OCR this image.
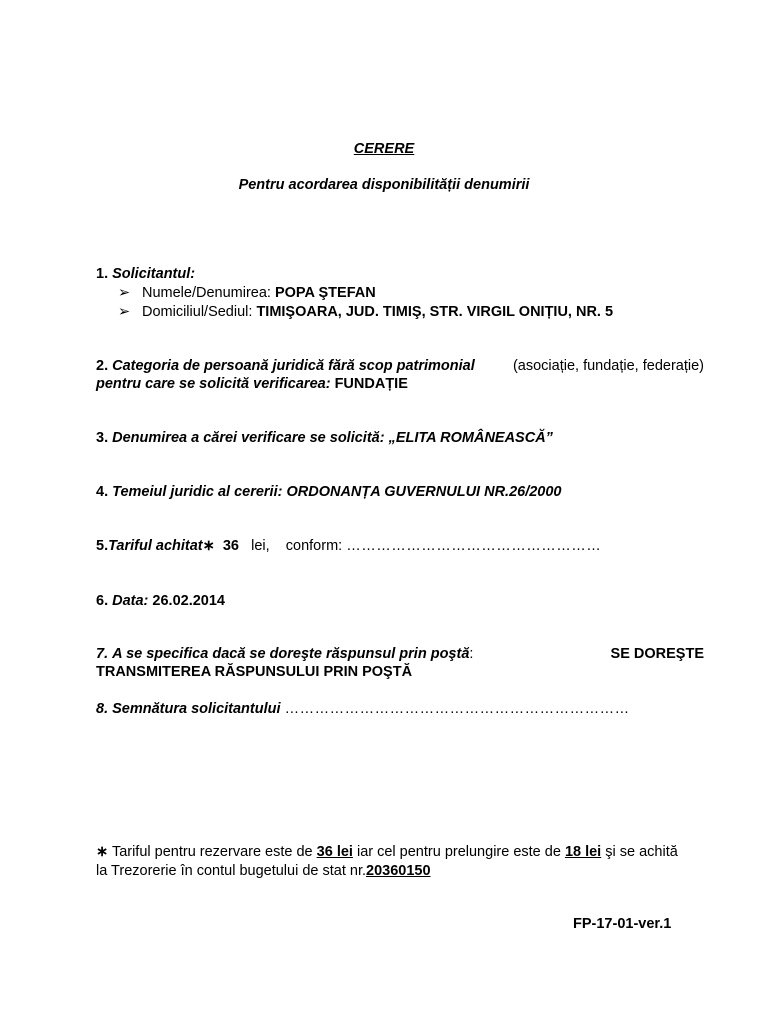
CERERE
Pentru acordarea disponibilității denumirii
1. Solicitantul:
➢ Numele/Denumirea: POPA ŞTEFAN
➢ Domiciliul/Sediul: TIMIŞOARA, JUD. TIMIŞ, STR. VIRGIL ONIȚIU, NR. 5
2. Categoria de persoană juridică fără scop patrimonial	(asociație, fundație, federație)
pentru care se solicită verificarea: FUNDAȚIE
3. Denumirea a cărei verificare se solicită: „ELITA ROMÂNEASCĂ”
4. Temeiul juridic al cererii: ORDONANȚA GUVERNULUI NR.26/2000
5.Tariful achitat∗ 36 lei, conform: ……………………………………………
6. Data: 26.02.2014
7. A se specifica dacă se doreşte răspunsul prin poştă:	SE DOREŞTE
TRANSMITEREA RĂSPUNSULUI PRIN POŞTĂ
8. Semnătura solicitantului ……………………………………………………………
∗ Tariful pentru rezervare este de 36 lei iar cel pentru prelungire este de 18 lei şi se achită
la Trezorerie în contul bugetului de stat nr.20360150
FP-17-01-ver.1
